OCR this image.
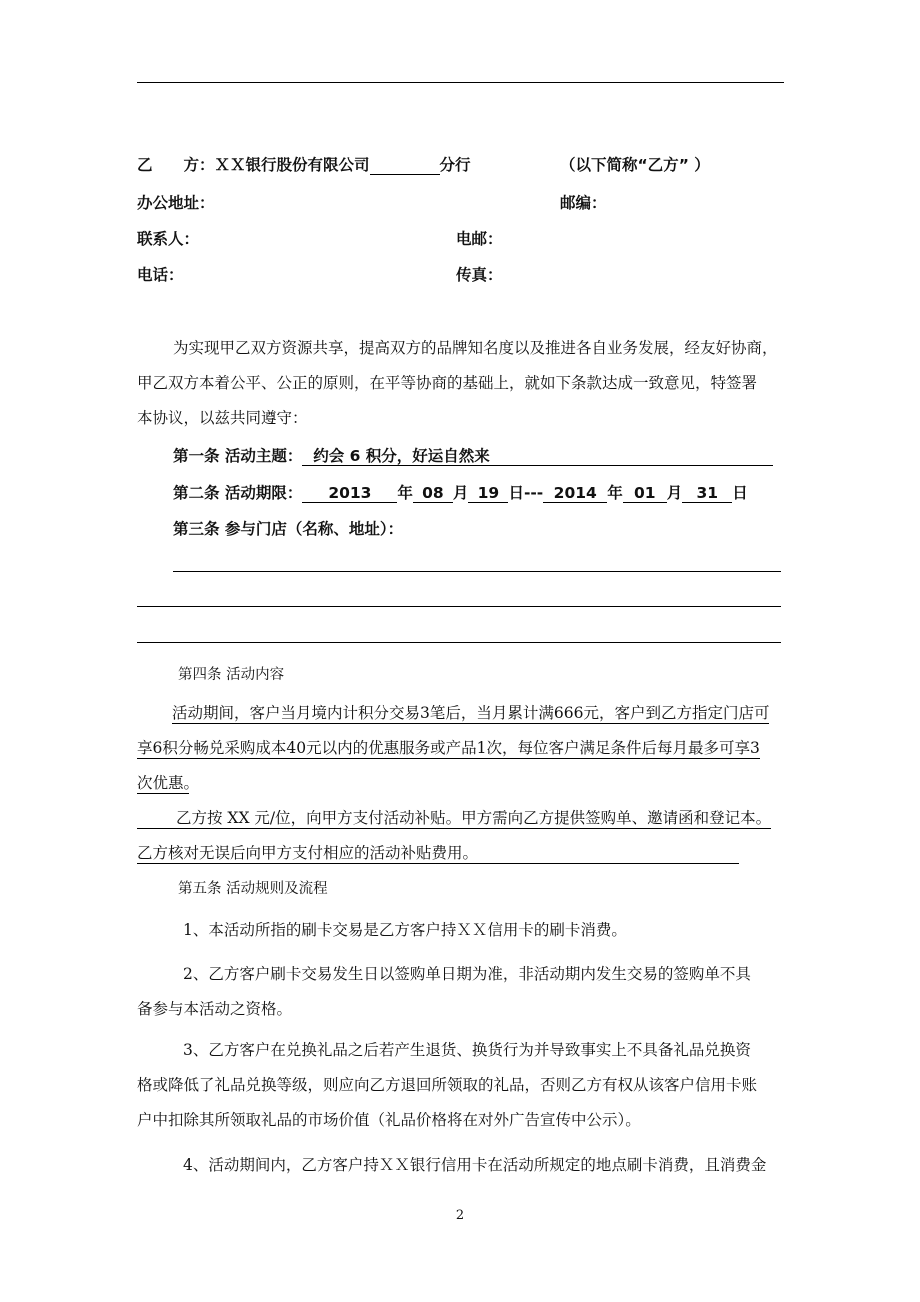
乙　　方：ＸＸ银行股份有限公司	分行	（以下简称“乙方” ）
办公地址：	邮编：
联系人：	电邮：
电话：	传真：
为实现甲乙双方资源共享，提高双方的品牌知名度以及推进各自业务发展，经友好协商，
甲乙双方本着公平、公正的原则，在平等协商的基础上，就如下条款达成一致意见，特签署
本协议，以兹共同遵守：
第一条 活动主题： 约会 6 积分，好运自然来
第二条 活动期限： 2013 年 08 月 19 日--- 2014 年 01 月 31 日
第三条 参与门店（名称、地址）：
第四条 活动内容
活动期间，客户当月境内计积分交易3笔后，当月累计满666元，客户到乙方指定门店可
享6积分畅兑采购成本40元以内的优惠服务或产品1次，每位客户满足条件后每月最多可享3
次优惠。
乙方按 XX 元/位，向甲方支付活动补贴。甲方需向乙方提供签购单、邀请函和登记本。
乙方核对无误后向甲方支付相应的活动补贴费用。
第五条 活动规则及流程
1、本活动所指的刷卡交易是乙方客户持ＸＸ信用卡的刷卡消费。
2、乙方客户刷卡交易发生日以签购单日期为准，非活动期内发生交易的签购单不具
备参与本活动之资格。
3、乙方客户在兑换礼品之后若产生退货、换货行为并导致事实上不具备礼品兑换资
格或降低了礼品兑换等级，则应向乙方退回所领取的礼品，否则乙方有权从该客户信用卡账
户中扣除其所领取礼品的市场价值（礼品价格将在对外广告宣传中公示）。
4、活动期间内，乙方客户持ＸＸ银行信用卡在活动所规定的地点刷卡消费，且消费金
2
